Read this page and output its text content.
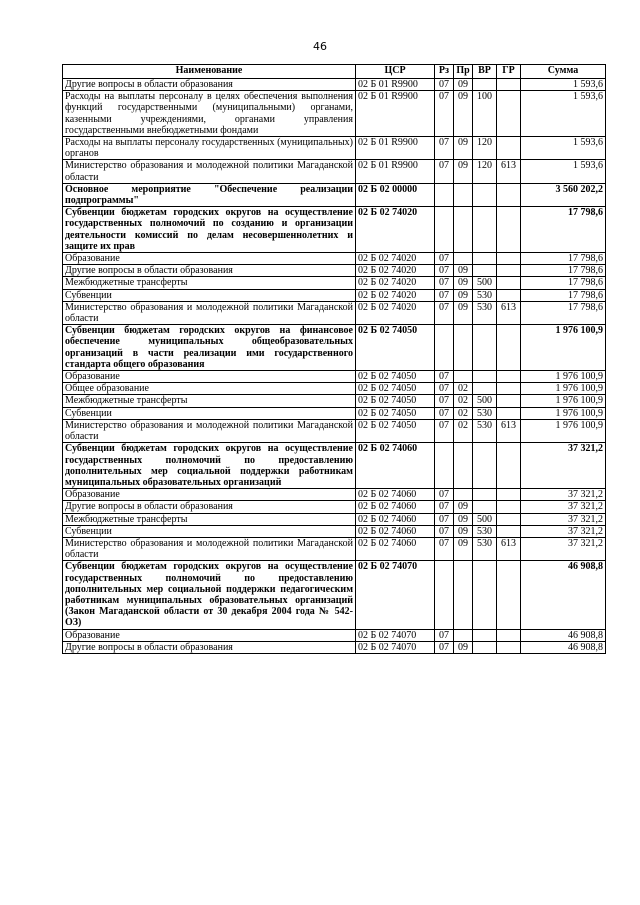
46
Наименование	ЦСР	Рз	Пр	ВР	ГР	Сумма
Другие вопросы в области образования	02 Б 01 R9900	07	09			1 593,6
Расходы на выплаты персоналу в целях обеспечения выполнения функций государственными (муниципальными) органами, казенными учреждениями, органами управления государственными внебюджетными фондами	02 Б 01 R9900	07	09	100		1 593,6
Расходы на выплаты персоналу государственных (муниципальных) органов	02 Б 01 R9900	07	09	120		1 593,6
Министерство образования и молодежной политики Магаданской области	02 Б 01 R9900	07	09	120	613	1 593,6
Основное мероприятие "Обеспечение реализации подпрограммы"	02 Б 02 00000					3 560 202,2
Субвенции бюджетам городских округов на осуществление государственных полномочий по созданию и организации деятельности комиссий по делам несовершеннолетних и защите их прав	02 Б 02 74020					17 798,6
Образование	02 Б 02 74020	07				17 798,6
Другие вопросы в области образования	02 Б 02 74020	07	09			17 798,6
Межбюджетные трансферты	02 Б 02 74020	07	09	500		17 798,6
Субвенции	02 Б 02 74020	07	09	530		17 798,6
Министерство образования и молодежной политики Магаданской области	02 Б 02 74020	07	09	530	613	17 798,6
Субвенции бюджетам городских округов на финансовое обеспечение муниципальных общеобразовательных организаций в части реализации ими государственного стандарта общего образования	02 Б 02 74050					1 976 100,9
Образование	02 Б 02 74050	07				1 976 100,9
Общее образование	02 Б 02 74050	07	02			1 976 100,9
Межбюджетные трансферты	02 Б 02 74050	07	02	500		1 976 100,9
Субвенции	02 Б 02 74050	07	02	530		1 976 100,9
Министерство образования и молодежной политики Магаданской области	02 Б 02 74050	07	02	530	613	1 976 100,9
Субвенции бюджетам городских округов на осуществление государственных полномочий по предоставлению дополнительных мер социальной поддержки работникам муниципальных образовательных организаций	02 Б 02 74060					37 321,2
Образование	02 Б 02 74060	07				37 321,2
Другие вопросы в области образования	02 Б 02 74060	07	09			37 321,2
Межбюджетные трансферты	02 Б 02 74060	07	09	500		37 321,2
Субвенции	02 Б 02 74060	07	09	530		37 321,2
Министерство образования и молодежной политики Магаданской области	02 Б 02 74060	07	09	530	613	37 321,2
Субвенции бюджетам городских округов на осуществление государственных полномочий по предоставлению дополнительных мер социальной поддержки педагогическим работникам муниципальных образовательных организаций (Закон Магаданской области от 30 декабря 2004 года № 542-ОЗ)	02 Б 02 74070					46 908,8
Образование	02 Б 02 74070	07				46 908,8
Другие вопросы в области образования	02 Б 02 74070	07	09			46 908,8
